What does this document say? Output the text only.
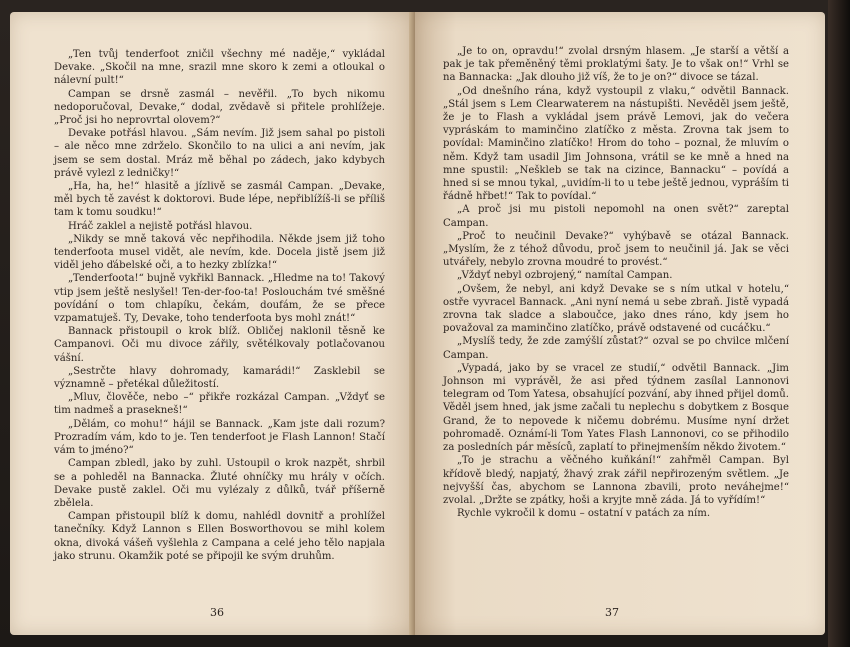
„Ten tvůj tenderfoot zničil všechny mé naděje,“ vykládal Devake. „Skočil na mne, srazil mne skoro k zemi a otloukal o nálevní pult!“

Campan se drsně zasmál – nevěřil. „To bych nikomu nedoporučoval, Devake,“ dodal, zvědavě si přitele prohlížeje. „Proč jsi ho neprovrtal olovem?“

Devake potřásl hlavou. „Sám nevím. Již jsem sahal po pistoli – ale něco mne zdrželo. Skončilo to na ulici a ani nevím, jak jsem se sem dostal. Mráz mě běhal po zádech, jako kdybych právě vylezl z ledničky!“

„Ha, ha, he!“ hlasitě a jízlivě se zasmál Campan. „Devake, měl bych tě zavést k doktorovi. Bude lépe, nepřiblížíš-li se příliš tam k tomu soudku!“

Hráč zaklel a nejistě potřásl hlavou.

„Nikdy se mně taková věc nepřihodila. Někde jsem již toho tenderfoota musel vidět, ale nevím, kde. Docela jistě jsem již viděl jeho ďábelské oči, a to hezky zblízka!“

„Tenderfoota!“ bujně vykřikl Bannack. „Hledme na to! Takový vtip jsem ještě neslyšel! Ten-der-foo-ta! Poslouchám tvé směšné povídání o tom chlapíku, čekám, doufám, že se přece vzpamatuješ. Ty, Devake, toho tenderfoota bys mohl znát!“

Bannack přistoupil o krok blíž. Obličej naklonil těsně ke Campanovi. Oči mu divoce zářily, světélkovaly potlačovanou vášní.

„Sestrčte hlavy dohromady, kamarádi!“ Zasklebil se významně – přetékal důležitostí.

„Mluv, člověče, nebo –“ přikře rozkázal Campan. „Vždyť se tim nadmeš a prasekneš!“

„Dělám, co mohu!“ hájil se Bannack. „Kam jste dali rozum? Prozradím vám, kdo to je. Ten tenderfoot je Flash Lannon! Stačí vám to jméno?“

Campan zbledl, jako by zuhl. Ustoupil o krok nazpět, shrbil se a pohleděl na Bannacka. Žluté ohníčky mu hrály v očích. Devake pustě zaklel. Oči mu vylézaly z důlků, tvář příšerně zbělela.

Campan přistoupil blíž k domu, nahlédl dovnitř a prohlížel tanečníky. Když Lannon s Ellen Bosworthovou se mihl kolem okna, divoká vášeň vyšlehla z Campana a celé jeho tělo napjala jako strunu. Okamžik poté se připojil ke svým druhům.

36

„Je to on, opravdu!“ zvolal drsným hlasem. „Je starší a větší a pak je tak přeměněný těmi proklatými šaty. Je to však on!“ Vrhl se na Bannacka: „Jak dlouho již víš, že to je on?“ divoce se tázal.

„Od dnešního rána, když vystoupil z vlaku,“ odvětil Bannack. „Stál jsem s Lem Clearwaterem na nástupišti. Nevěděl jsem ještě, že je to Flash a vykládal jsem právě Lemovi, jak do večera vypráskám to maminčino zlatíčko z města. Zrovna tak jsem to povídal: Maminčino zlatíčko! Hrom do toho – poznal, že mluvím o něm. Když tam usadil Jim Johnsona, vrátil se ke mně a hned na mne spustil: „Neškleb se tak na cizince, Bannacku“ – povídá a hned si se mnou tykal, „uvidím-li to u tebe ještě jednou, vypráším ti řádně hřbet!“ Tak to povídal.“

„A proč jsi mu pistoli nepomohl na onen svět?“ zareptal Campan.

„Proč to neučinil Devake?“ vyhýbavě se otázal Bannack. „Myslím, že z téhož důvodu, proč jsem to neučinil já. Jak se věci utvářely, nebylo zrovna moudré to provést.“

„Vždyť nebyl ozbrojený,“ namítal Campan.

„Ovšem, že nebyl, ani když Devake se s ním utkal v hotelu,“ ostře vyvracel Bannack. „Ani nyní nemá u sebe zbraň. Jistě vypadá zrovna tak sladce a slaboučce, jako dnes ráno, kdy jsem ho považoval za maminčino zlatíčko, právě odstavené od cucáčku.“

„Myslíš tedy, že zde zamýšlí zůstat?“ ozval se po chvilce mlčení Campan.

„Vypadá, jako by se vracel ze studií,“ odvětil Bannack. „Jim Johnson mi vyprávěl, že asi před týdnem zasílal Lannonovi telegram od Tom Yatesa, obsahující pozvání, aby ihned přijel domů. Věděl jsem hned, jak jsme začali tu neplechu s dobytkem z Bosque Grand, že to nepovede k ničemu dobrému. Musíme nyní držet pohromadě. Oznámí-li Tom Yates Flash Lannonovi, co se přihodilo za posledních pár měsíců, zaplatí to přinejmenším někdo životem.“

„To je strachu a věčného kuňkání!“ zahřměl Campan. Byl křídově bledý, napjatý, žhavý zrak zářil nepřirozeným světlem. „Je nejvyšší čas, abychom se Lannona zbavili, proto neváhejme!“ zvolal. „Držte se zpátky, hoši a kryjte mně záda. Já to vyřídím!“

Rychle vykročil k domu – ostatní v patách za ním.

37
